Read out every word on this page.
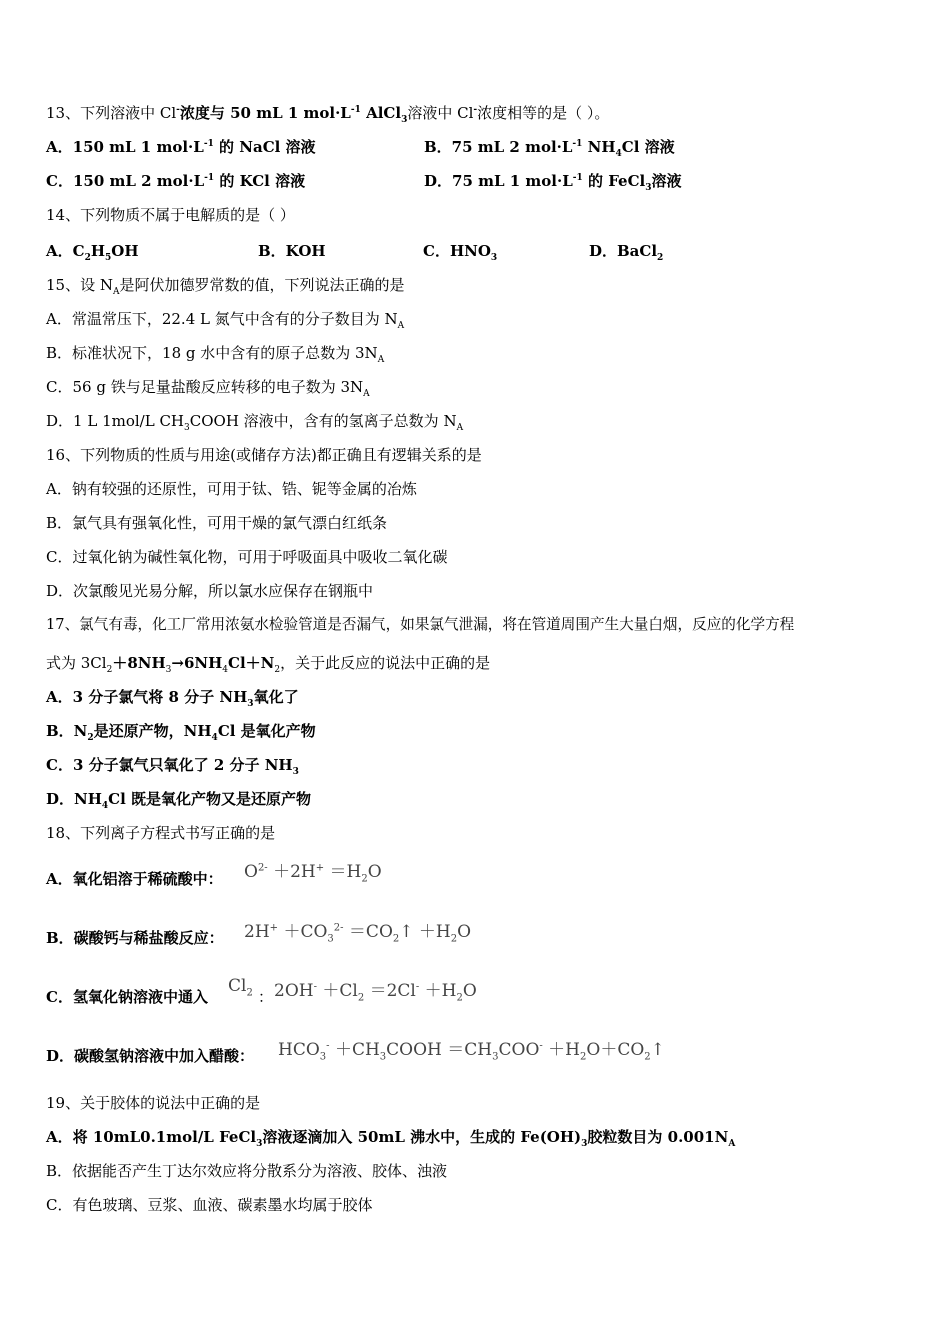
13、下列溶液中 Cl-浓度与 50 mL 1 $mol\cdot L^{-1}$ AlCl$_3$溶液中 Cl-浓度相等的是（ ）。
A．150 mL 1 $mol\cdot L^{-1}$ 的 NaCl 溶液	B．75 mL 2 $mol\cdot L^{-1}$ $NH_4Cl$ 溶液
C．150 mL 2 $mol\cdot L^{-1}$ 的 KCl 溶液	D．75 mL 1 $mol\cdot L^{-1}$ 的 FeCl$_3$溶液
14、下列物质不属于电解质的是（ ）
A．$C_2H_5OH$	B．KOH	C．$HNO_3$	D．BaCl$_2$
15、设 $N_A$是阿伏加德罗常数的值，下列说法正确的是
A．常温常压下，22.4 L 氮气中含有的分子数目为 $N_A$
B．标准状况下，18 g 水中含有的原子总数为 $3N_A$
C．56 g 铁与足量盐酸反应转移的电子数为 $3N_A$
D．1 L 1mol/L $CH_3COOH$ 溶液中，含有的氢离子总数为 $N_A$
16、下列物质的性质与用途(或储存方法)都正确且有逻辑关系的是
A．钠有较强的还原性，可用于钛、锆、铌等金属的冶炼
B．氯气具有强氧化性，可用干燥的氯气漂白红纸条
C．过氧化钠为碱性氧化物，可用于呼吸面具中吸收二氧化碳
D．次氯酸见光易分解，所以氯水应保存在钢瓶中
17、氯气有毒，化工厂常用浓氨水检验管道是否漏气，如果氯气泄漏，将在管道周围产生大量白烟，反应的化学方程
式为 $3Cl_2+8NH_3\to 6NH_4Cl+N_2$，关于此反应的说法中正确的是
A．3 分子氯气将 8 分子 $NH_3$氧化了
B．$N_2$是还原产物，$NH_4Cl$ 是氧化产物
C．3 分子氯气只氧化了 2 分子 $NH_3$
D．$NH_4Cl$ 既是氧化产物又是还原产物
18、下列离子方程式书写正确的是
A．氧化铝溶于稀硫酸中： $O^{2-} +2H^+ =H_2O$
B．碳酸钙与稀盐酸反应： $2H^+ +CO_3^{2-}$ $=CO_2↑ +H_2O$
C．氢氧化钠溶液中通入
$Cl_2$ ： $2OH^- +Cl_2 =2Cl^- +H_2O$
D．碳酸氢钠溶液中加入醋酸： $HCO_3^-$ $+CH_3COOH =CH_3COO^-$ $+H_2O+CO_2↑$
19、关于胶体的说法中正确的是
A．将 10mL0.1mol/L FeCl$_3$溶液逐滴加入 50mL 沸水中，生成的 $Fe(OH)_3$胶粒数目为 $0.001N_A$
B．依据能否产生丁达尔效应将分散系分为溶液、胶体、浊液
C．有色玻璃、豆浆、血液、碳素墨水均属于胶体
